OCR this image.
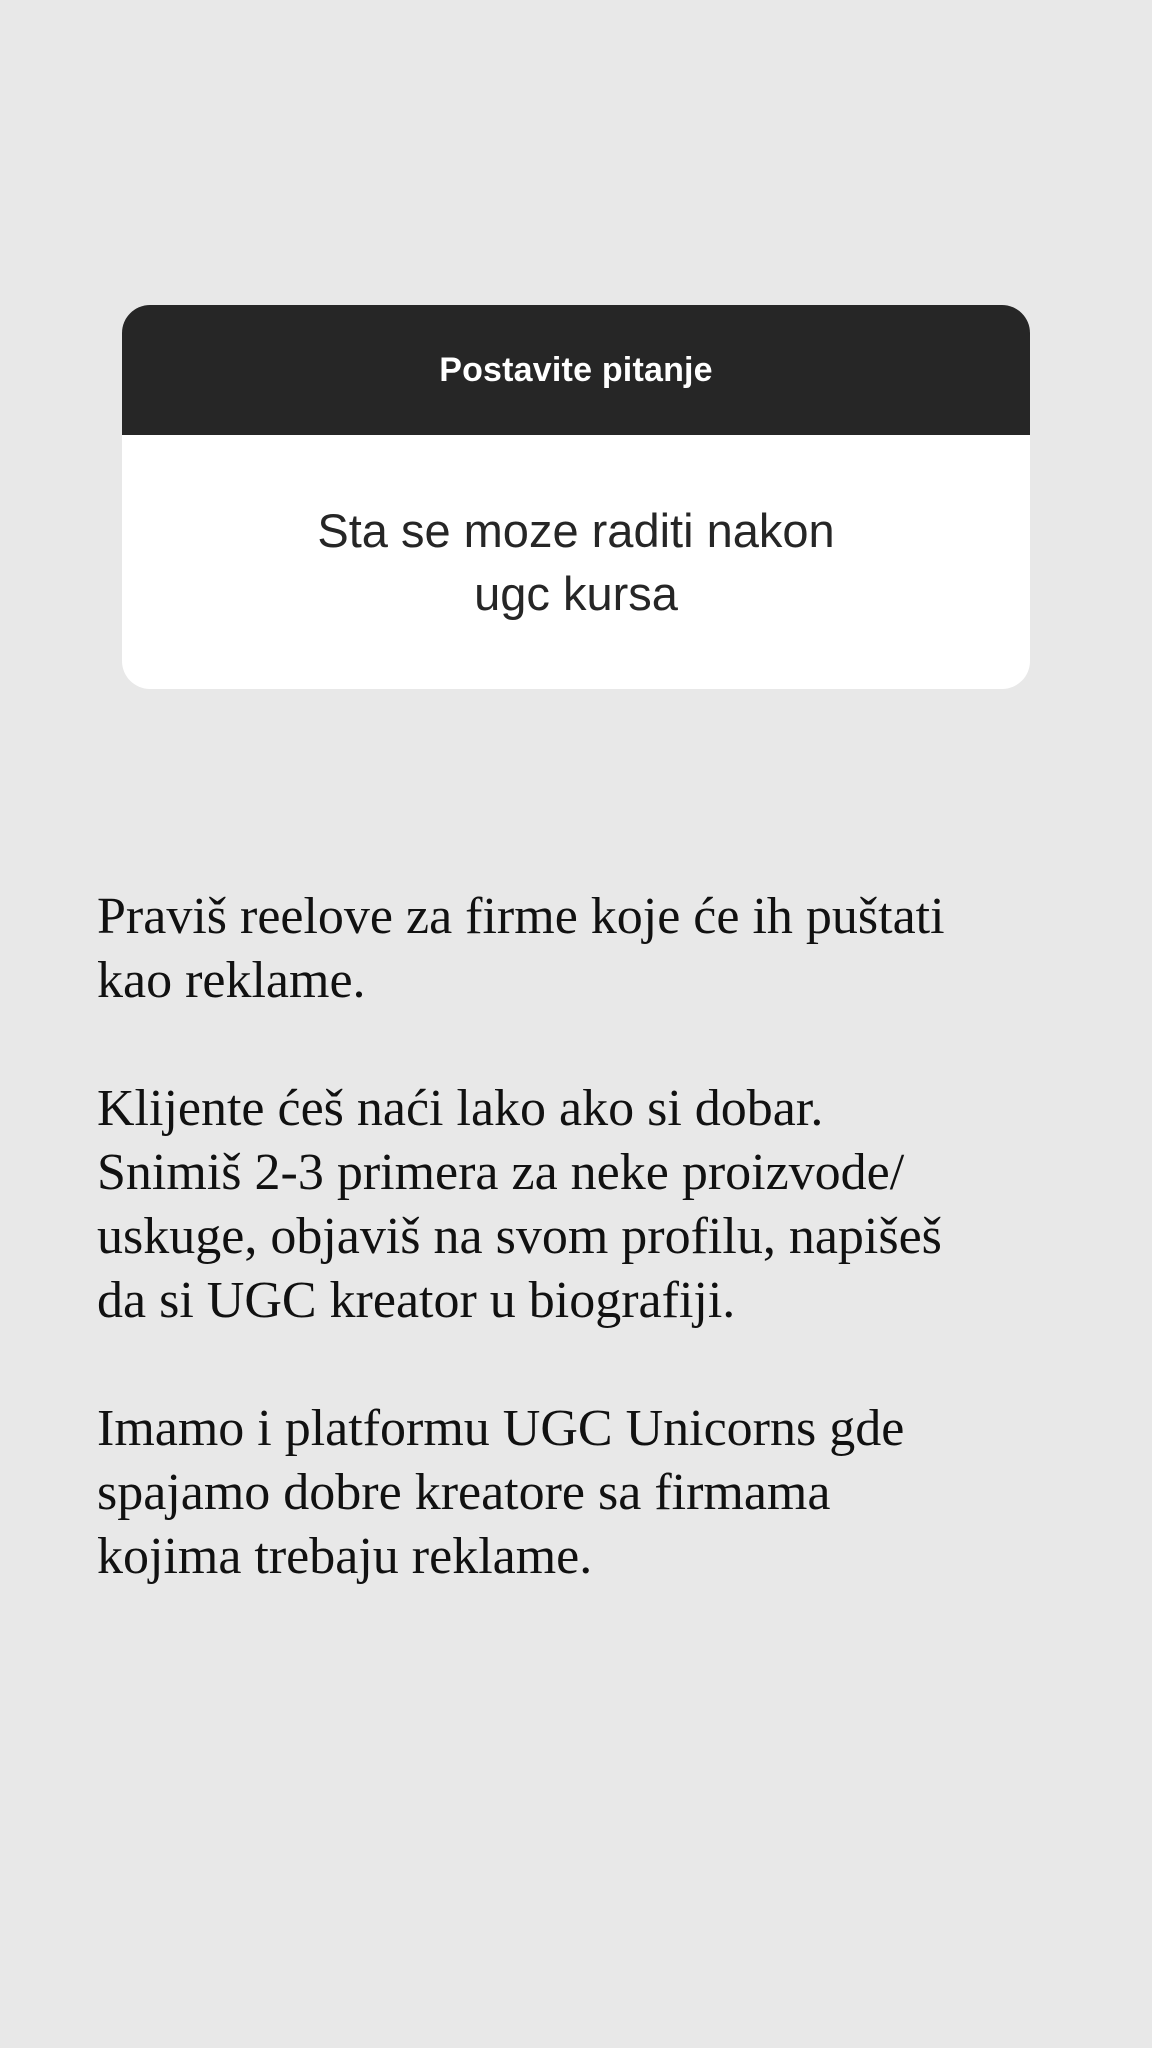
Postavite pitanje

Sta se moze raditi nakon
ugc kursa

Praviš reelove za firme koje će ih puštati
kao reklame.

Klijente ćeš naći lako ako si dobar.
Snimiš 2-3 primera za neke proizvode/
uskuge, objaviš na svom profilu, napišeš
da si UGC kreator u biografiji.

Imamo i platformu UGC Unicorns gde
spajamo dobre kreatore sa firmama
kojima trebaju reklame.
